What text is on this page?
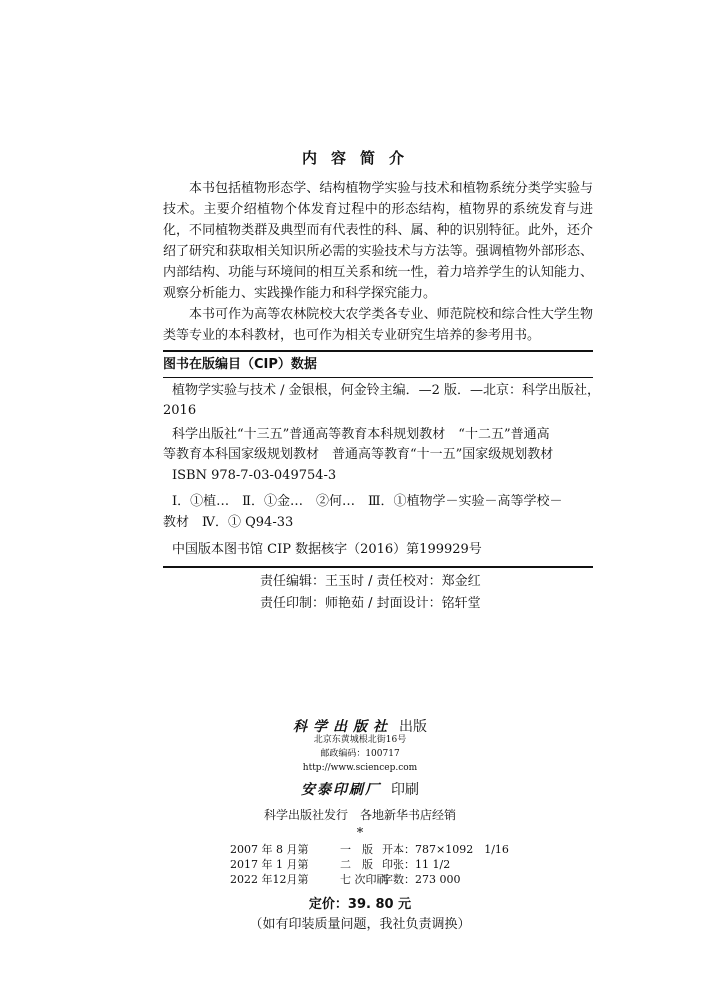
内容简介

本书包括植物形态学、结构植物学实验与技术和植物系统分类学实验与技术。主要介绍植物个体发育过程中的形态结构，植物界的系统发育与进化，不同植物类群及典型而有代表性的科、属、种的识别特征。此外，还介绍了研究和获取相关知识所必需的实验技术与方法等。强调植物外部形态、内部结构、功能与环境间的相互关系和统一性，着力培养学生的认知能力、观察分析能力、实践操作能力和科学探究能力。

本书可作为高等农林院校大农学类各专业、师范院校和综合性大学生物类等专业的本科教材，也可作为相关专业研究生培养的参考用书。

图书在版编目（CIP）数据
植物学实验与技术 / 金银根，何金铃主编．—2 版．—北京：科学出版社，
2016
科学出版社“十三五”普通高等教育本科规划教材　“十二五”普通高
等教育本科国家级规划教材　普通高等教育“十一五”国家级规划教材
ISBN 978-7-03-049754-3
Ⅰ．①植…　Ⅱ．①金…　②何…　Ⅲ．①植物学－实验－高等学校－
教材　Ⅳ．① Q94-33
中国版本图书馆 CIP 数据核字（2016）第199929号
责任编辑：王玉时 / 责任校对：郑金红
责任印制：师艳茹 / 封面设计：铭轩堂
科学出版社 出版
北京东黄城根北街16号
邮政编码：100717
http://www.sciencep.com
安泰印刷厂 印刷
科学出版社发行　各地新华书店经销
*
2007 年 8 月第	一　版 开本：787×1092　1/16
2017 年 1 月第	二　版 印张：11 1/2
2022 年12月第	七 次印刷字数：273 000
定价：39. 80 元
（如有印装质量问题，我社负责调换）
